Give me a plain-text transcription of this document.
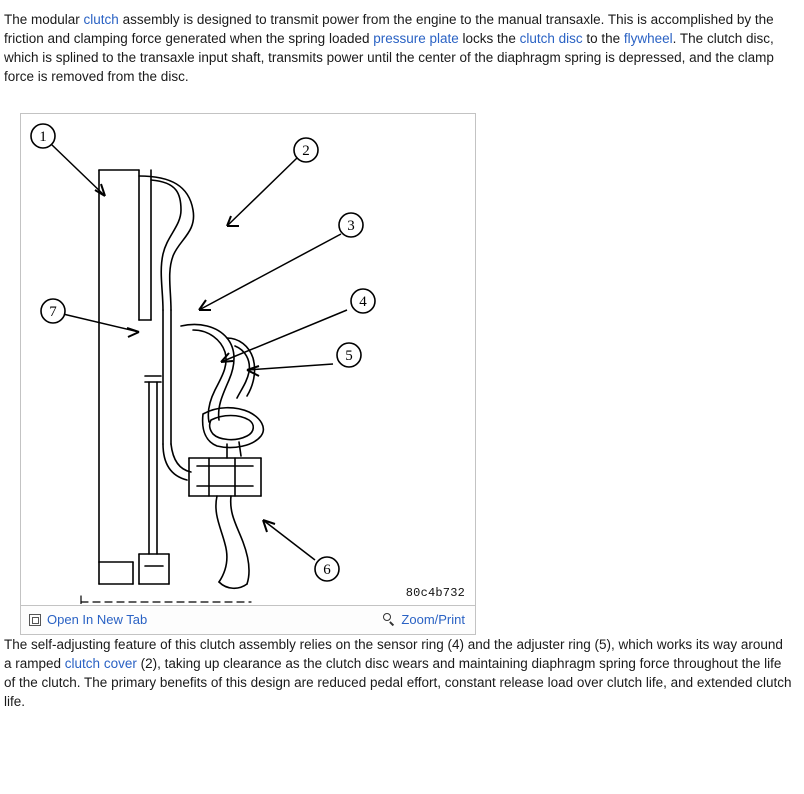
The modular clutch assembly is designed to transmit power from the engine to the manual transaxle. This is accomplished by the friction and clamping force generated when the spring loaded pressure plate locks the clutch disc to the flywheel. The clutch disc, which is splined to the transaxle input shaft, transmits power until the center of the diaphragm spring is depressed, and the clamp force is removed from the disc.

1
2
3
4
5
6
7
80c4b732
Open In New Tab	Zoom/Print

The self-adjusting feature of this clutch assembly relies on the sensor ring (4) and the adjuster ring (5), which works its way around a ramped clutch cover (2), taking up clearance as the clutch disc wears and maintaining diaphragm spring force throughout the life of the clutch. The primary benefits of this design are reduced pedal effort, constant release load over clutch life, and extended clutch life.
